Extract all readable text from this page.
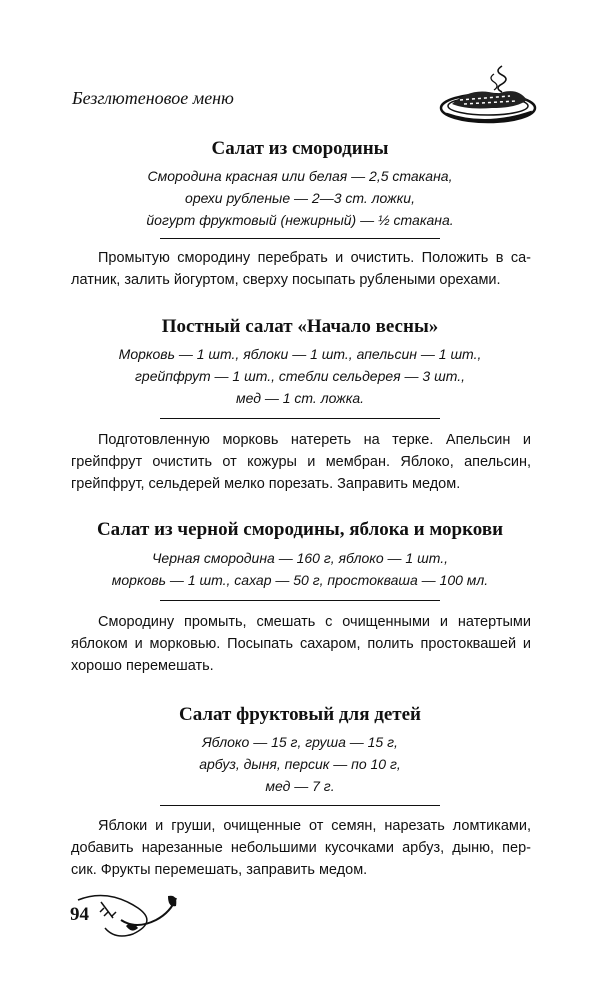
Безглютеновое меню
Салат из смородины
Смородина красная или белая — 2,5 стакана,
орехи рубленые — 2—3 ст. ложки,
йогурт фруктовый (нежирный) — ½ стакана.
Промытую смородину перебрать и очистить. Положить в са-
латник, залить йогуртом, сверху посыпать рублеными орехами.
Постный салат «Начало весны»
Морковь — 1 шт., яблоки — 1 шт., апельсин — 1 шт.,
грейпфрут — 1 шт., стебли сельдерея — 3 шт.,
мед — 1 ст. ложка.
Подготовленную морковь натереть на терке. Апельсин и
грейпфрут очистить от кожуры и мембран. Яблоко, апельсин,
грейпфрут, сельдерей мелко порезать. Заправить медом.
Салат из черной смородины, яблока и моркови
Черная смородина — 160 г, яблоко — 1 шт.,
морковь — 1 шт., сахар — 50 г, простокваша — 100 мл.
Смородину промыть, смешать с очищенными и натертыми
яблоком и морковью. Посыпать сахаром, полить простоквашей и
хорошо перемешать.
Салат фруктовый для детей
Яблоко — 15 г, груша — 15 г,
арбуз, дыня, персик — по 10 г,
мед — 7 г.
Яблоки и груши, очищенные от семян, нарезать ломтиками,
добавить нарезанные небольшими кусочками арбуз, дыню, пер-
сик. Фрукты перемешать, заправить медом.
94
